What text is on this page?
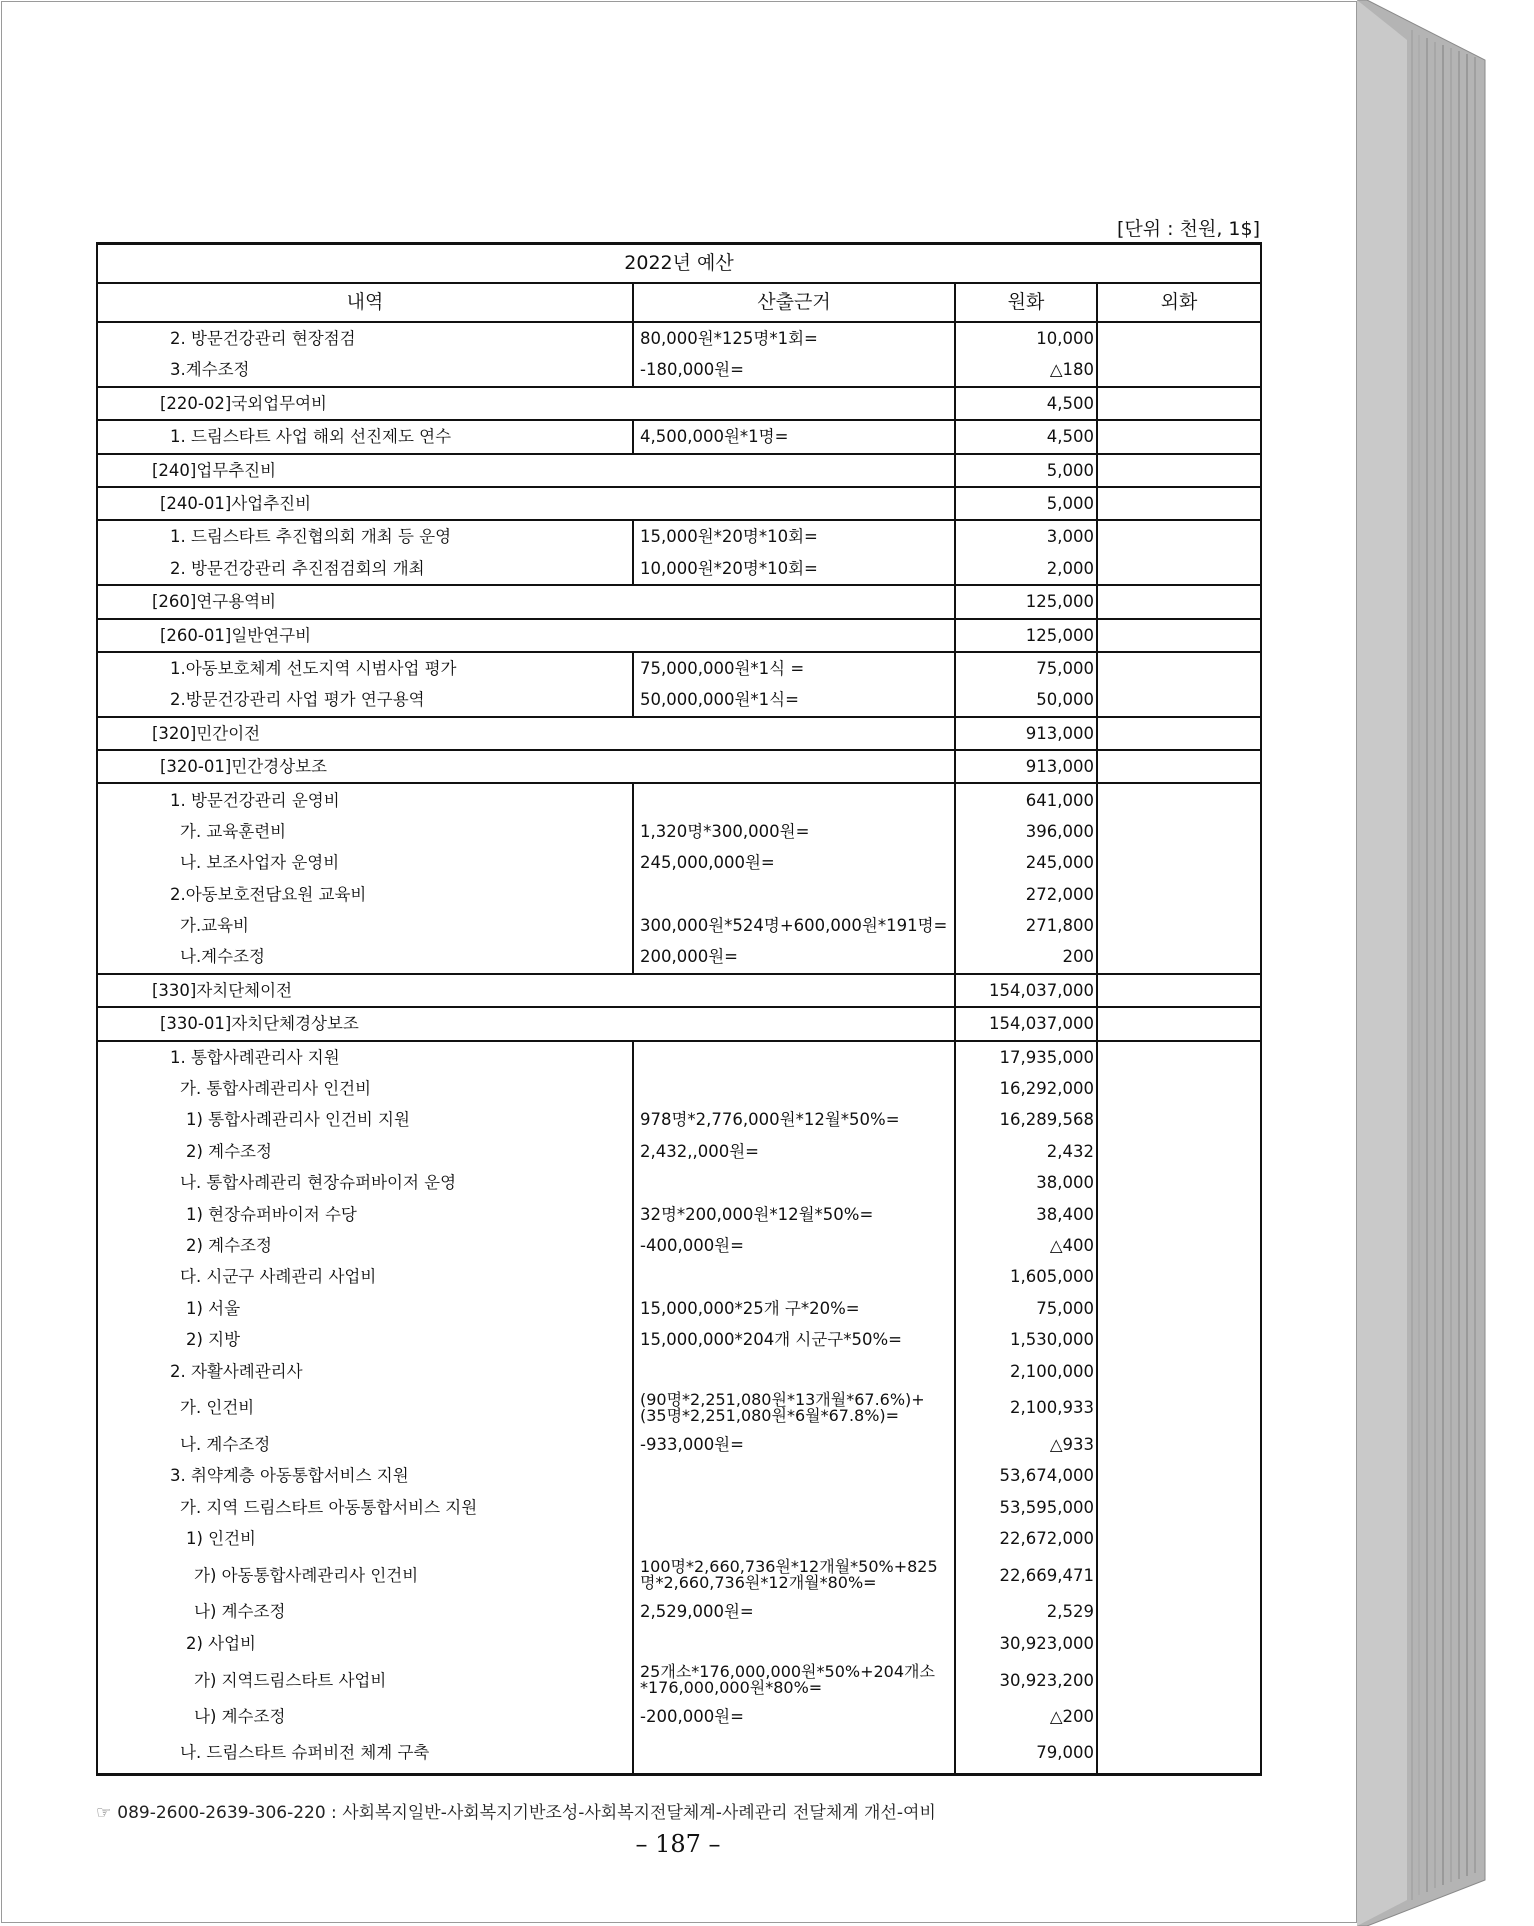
[단위 : 천원, 1$]
2022년 예산			
내역	산출근거	원화	외화
2. 방문건강관리 현장점검	80,000원*125명*1회=	10,000	
3.계수조정	-180,000원=	△180	
[220-02]국외업무여비		4,500	
1. 드림스타트 사업 해외 선진제도 연수	4,500,000원*1명=	4,500	
[240]업무추진비		5,000	
[240-01]사업추진비		5,000	
1. 드림스타트 추진협의회 개최 등 운영	15,000원*20명*10회=	3,000	
2. 방문건강관리 추진점검회의 개최	10,000원*20명*10회=	2,000	
[260]연구용역비		125,000	
[260-01]일반연구비		125,000	
1.아동보호체계 선도지역 시범사업 평가	75,000,000원*1식 =	75,000	
2.방문건강관리 사업 평가 연구용역	50,000,000원*1식=	50,000	
[320]민간이전		913,000	
[320-01]민간경상보조		913,000	
1. 방문건강관리 운영비		641,000	
가. 교육훈련비	1,320명*300,000원=	396,000	
나. 보조사업자 운영비	245,000,000원=	245,000	
2.아동보호전담요원 교육비		272,000	
가.교육비	300,000원*524명+600,000원*191명=	271,800	
나.계수조정	200,000원=	200	
[330]자치단체이전		154,037,000	
[330-01]자치단체경상보조		154,037,000	
1. 통합사례관리사 지원		17,935,000	
가. 통합사례관리사 인건비		16,292,000	
1) 통합사례관리사 인건비 지원	978명*2,776,000원*12월*50%=	16,289,568	
2) 계수조정	2,432,,000원=	2,432	
나. 통합사례관리 현장슈퍼바이저 운영		38,000	
1) 현장슈퍼바이저 수당	32명*200,000원*12월*50%=	38,400	
2) 계수조정	-400,000원=	△400	
다. 시군구 사례관리 사업비		1,605,000	
1) 서울	15,000,000*25개 구*20%=	75,000	
2) 지방	15,000,000*204개 시군구*50%=	1,530,000	
2. 자활사례관리사		2,100,000	
가. 인건비	(90명*2,251,080원*13개월*67.6%)+(35명*2,251,080원*6월*67.8%)=	2,100,933	
나. 계수조정	-933,000원=	△933	
3. 취약계층 아동통합서비스 지원		53,674,000	
가. 지역 드림스타트 아동통합서비스 지원		53,595,000	
1) 인건비		22,672,000	
가) 아동통합사례관리사 인건비	100명*2,660,736원*12개월*50%+825명*2,660,736원*12개월*80%=	22,669,471	
나) 계수조정	2,529,000원=	2,529	
2) 사업비		30,923,000	
가) 지역드림스타트 사업비	25개소*176,000,000원*50%+204개소*176,000,000원*80%=	30,923,200	
나) 계수조정	-200,000원=	△200	
나. 드림스타트 슈퍼비전 체계 구축		79,000	
☞ 089-2600-2639-306-220 : 사회복지일반-사회복지기반조성-사회복지전달체계-사례관리 전달체계 개선-여비
– 187 –
